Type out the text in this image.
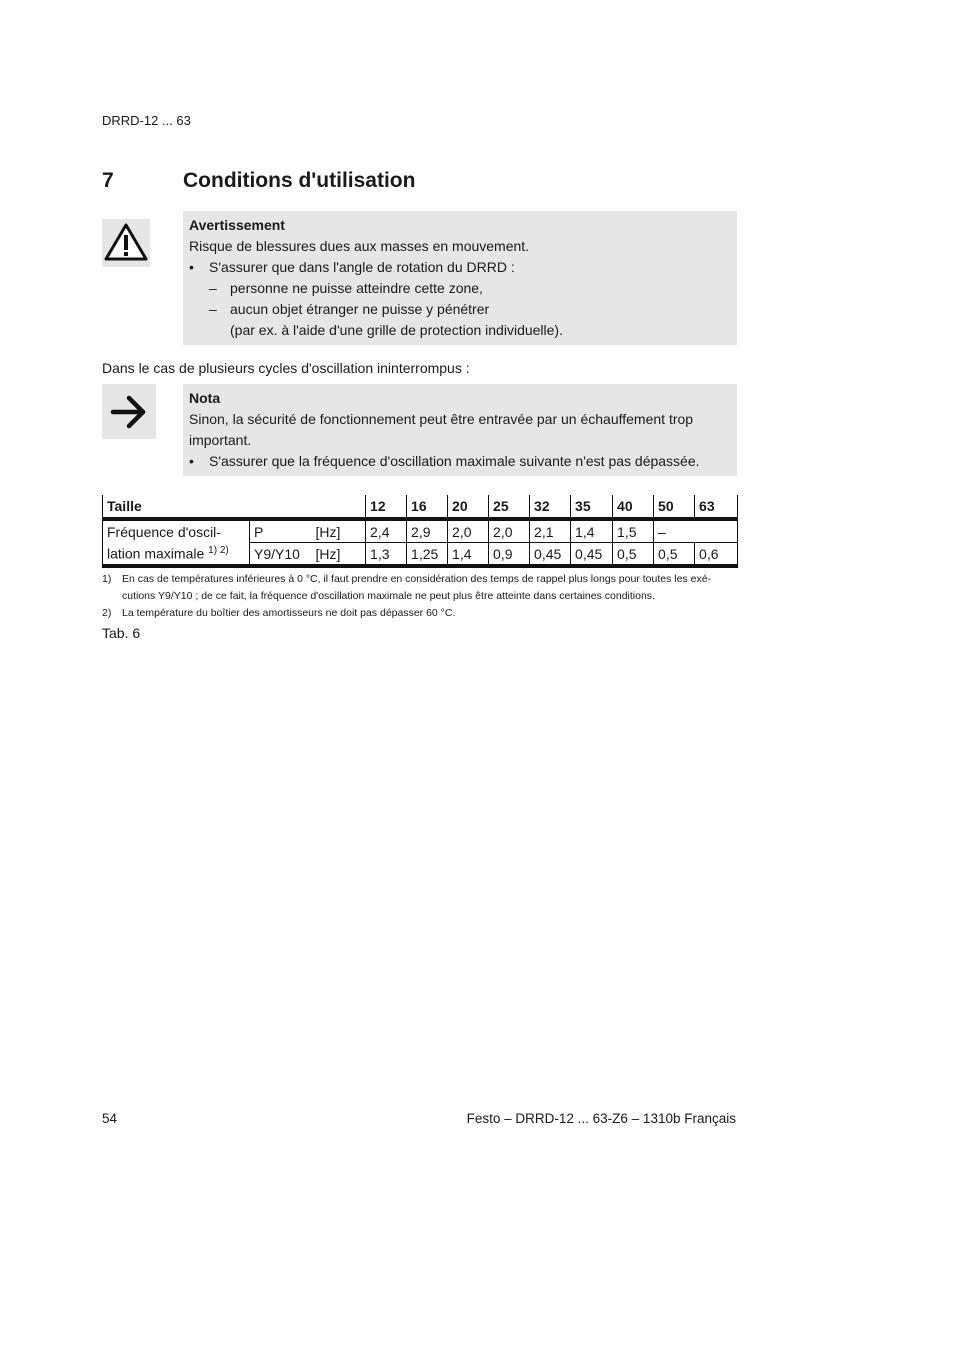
DRRD-12 ... 63
7	Conditions d'utilisation
Avertissement
Risque de blessures dues aux masses en mouvement.
• S'assurer que dans l'angle de rotation du DRRD :
– personne ne puisse atteindre cette zone,
– aucun objet étranger ne puisse y pénétrer
(par ex. à l'aide d'une grille de protection individuelle).
Dans le cas de plusieurs cycles d'oscillation ininterrompus :
Nota
Sinon, la sécurité de fonctionnement peut être entravée par un échauffement trop
important.
• S'assurer que la fréquence d'oscillation maximale suivante n'est pas dépassée.
Taille			12	16	20	25	32	35	40	50	63
Fréquence d'oscil-	P	[Hz]	2,4	2,9	2,0	2,0	2,1	1,4	1,5	–	
lation maximale $^{1) 2)}$	Y9/Y10	[Hz]	1,3	1,25	1,4	0,9	0,45	0,45	0,5	0,5	0,6
1) En cas de températures inférieures à 0 °C, il faut prendre en considération des temps de rappel plus longs pour toutes les exé-
cutions Y9/Y10 ; de ce fait, la fréquence d'oscillation maximale ne peut plus être atteinte dans certaines conditions.
2) La température du boîtier des amortisseurs ne doit pas dépasser 60 °C.
Tab. 6
54	Festo – DRRD-12 ... 63-Z6 – 1310b Français
